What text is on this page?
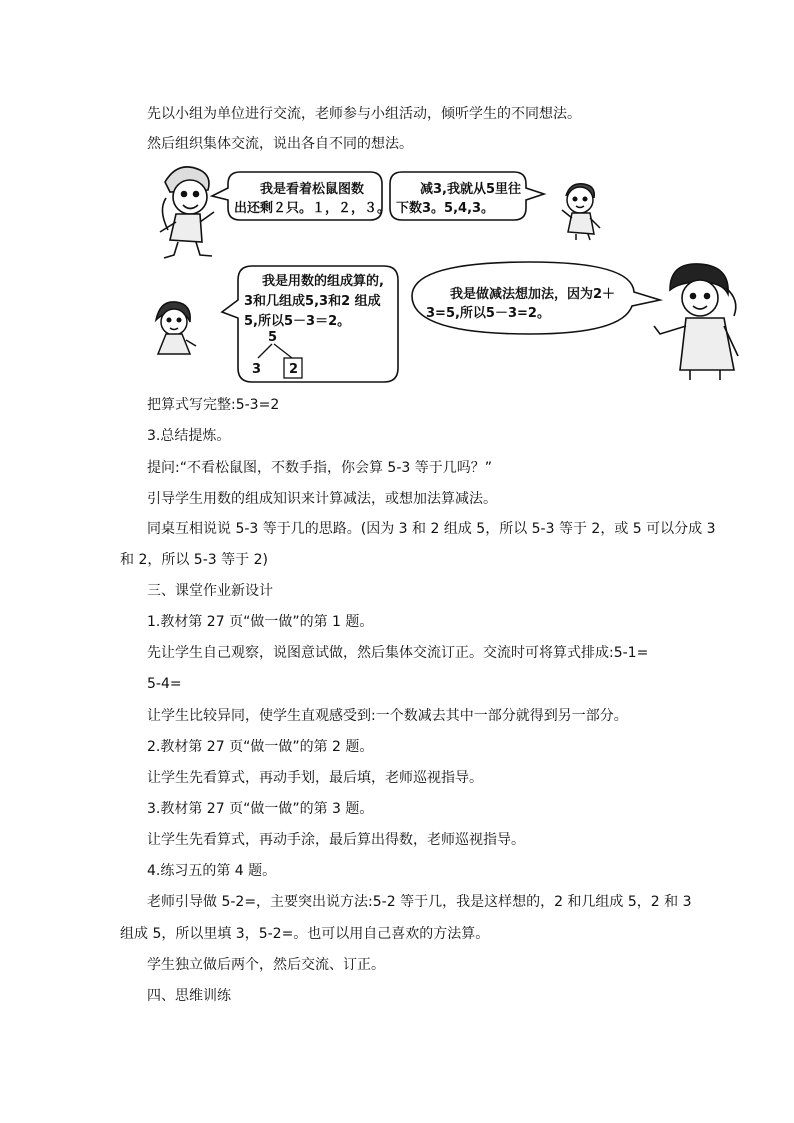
先以小组为单位进行交流，老师参与小组活动，倾听学生的不同想法。
然后组织集体交流，说出各自不同的想法。
我是看着松鼠图数
出还剩２只。１，２，３。
减3,我就从5里往
下数3。5,4,3。
我是用数的组成算的,
3和几组成5,3和2 组成
5,所以5－3＝2。
5
3 2
我是做减法想加法，因为2＋
3=5,所以5－3=2。
把算式写完整:5-3=2
3.总结提炼。
提问:“不看松鼠图，不数手指，你会算 5-3 等于几吗？”
引导学生用数的组成知识来计算减法，或想加法算减法。
同桌互相说说 5-3 等于几的思路。(因为 3 和 2 组成 5，所以 5-3 等于 2，或 5 可以分成 3
和 2，所以 5-3 等于 2)
三、课堂作业新设计
1.教材第 27 页“做一做”的第 1 题。
先让学生自己观察，说图意试做，然后集体交流订正。交流时可将算式排成:5-1=
5-4=
让学生比较异同，使学生直观感受到:一个数减去其中一部分就得到另一部分。
2.教材第 27 页“做一做”的第 2 题。
让学生先看算式，再动手划，最后填，老师巡视指导。
3.教材第 27 页“做一做”的第 3 题。
让学生先看算式，再动手涂，最后算出得数，老师巡视指导。
4.练习五的第 4 题。
老师引导做 5-2=，主要突出说方法:5-2 等于几，我是这样想的，2 和几组成 5，2 和 3
组成 5，所以里填 3，5-2=。也可以用自己喜欢的方法算。
学生独立做后两个，然后交流、订正。
四、思维训练
